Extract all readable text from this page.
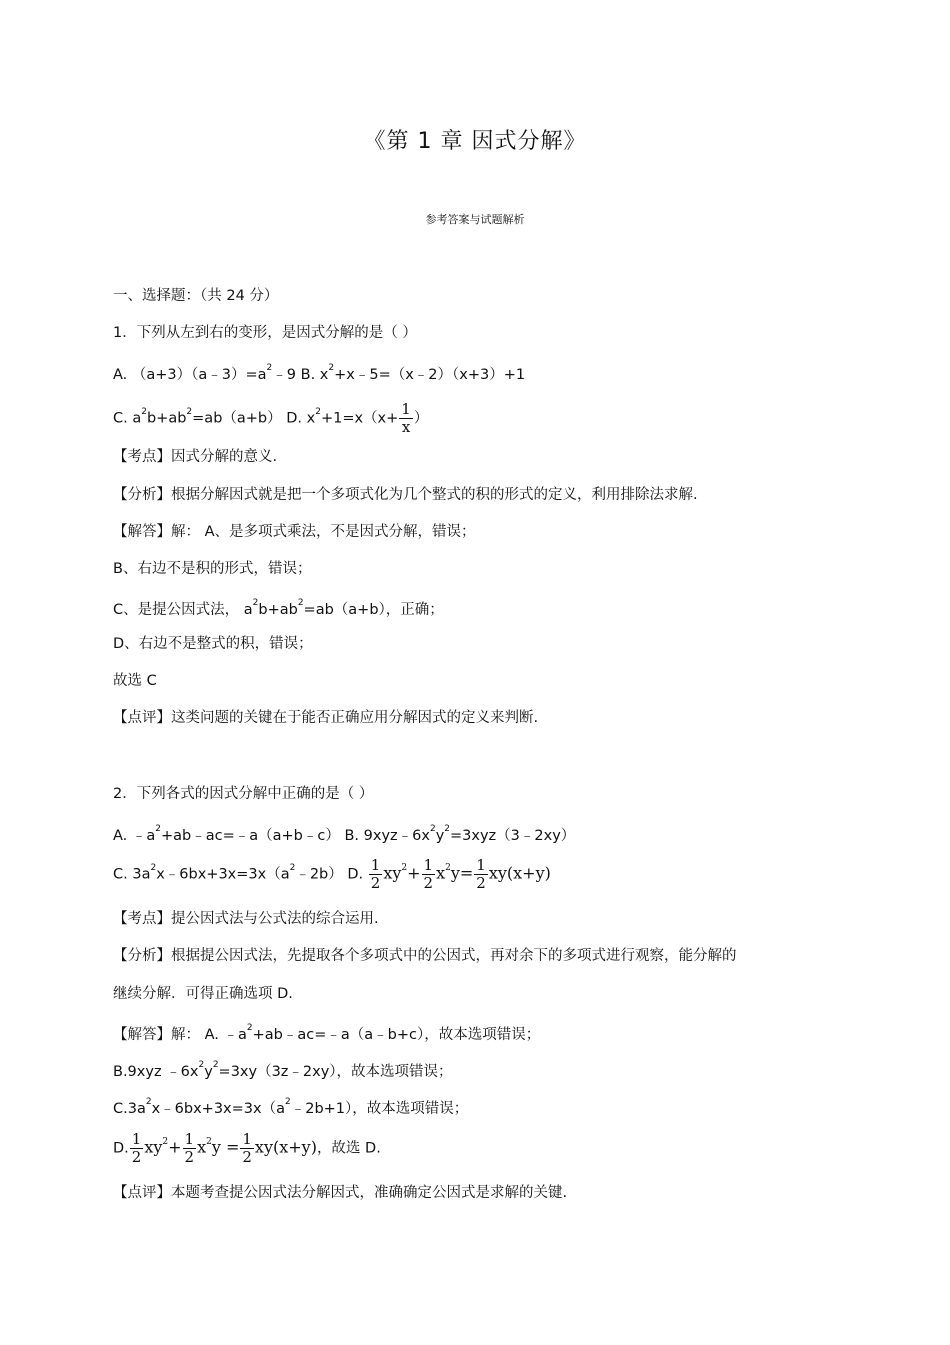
《第 1 章 因式分解》
参考答案与试题解析
一、选择题：（共 24 分）
1．下列从左到右的变形，是因式分解的是（ ）
A. $(a+3)(a﹣3)=a^2﹣9$ B. $x^2+x﹣5=(x﹣2)(x+3)+1$
C. $a^2b+ab^2=ab(a+b)$ D. $x^2+1=x(x+ \frac{1}{x}$ ）
【考点】因式分解的意义.
【分析】根据分解因式就是把一个多项式化为几个整式的积的形式的定义，利用排除法求解.
【解答】解： A、是多项式乘法，不是因式分解，错误；
B、右边不是积的形式，错误；
C、是提公因式法， $a^2b+ab^2=ab(a+b)$，正确；
D、右边不是整式的积，错误；
故选 C
【点评】这类问题的关键在于能否正确应用分解因式的定义来判断.
2．下列各式的因式分解中正确的是（ ）
A. $﹣a^2+ab﹣ac=﹣a(a+b﹣c)$ B. $9xyz﹣6x^2y^2=3xyz(3﹣2xy)$
C. $3a^2x﹣6bx+3x=3x(a^2﹣2b)$ D. $\frac{1}{2} xy^2+ \frac{1}{2} x^2y= \frac{1}{2} xy(x+y)$
【考点】提公因式法与公式法的综合运用.
【分析】根据提公因式法，先提取各个多项式中的公因式，再对余下的多项式进行观察，能分解的
继续分解．可得正确选项 D.
【解答】解： A. $﹣a^2+ab﹣ac=﹣a(a﹣b+c)$，故本选项错误；
B.9xyz $﹣6x^2y^2=3xy(3z﹣2xy)$，故本选项错误；
$C.3a^2x﹣6bx+3x=3x(a^2﹣2b+1)$，故本选项错误；
D. $\frac{1}{2} xy^2+ \frac{1}{2} x^2y = \frac{1}{2} xy(x+y)$，故选 D.
【点评】本题考查提公因式法分解因式，准确确定公因式是求解的关键.
